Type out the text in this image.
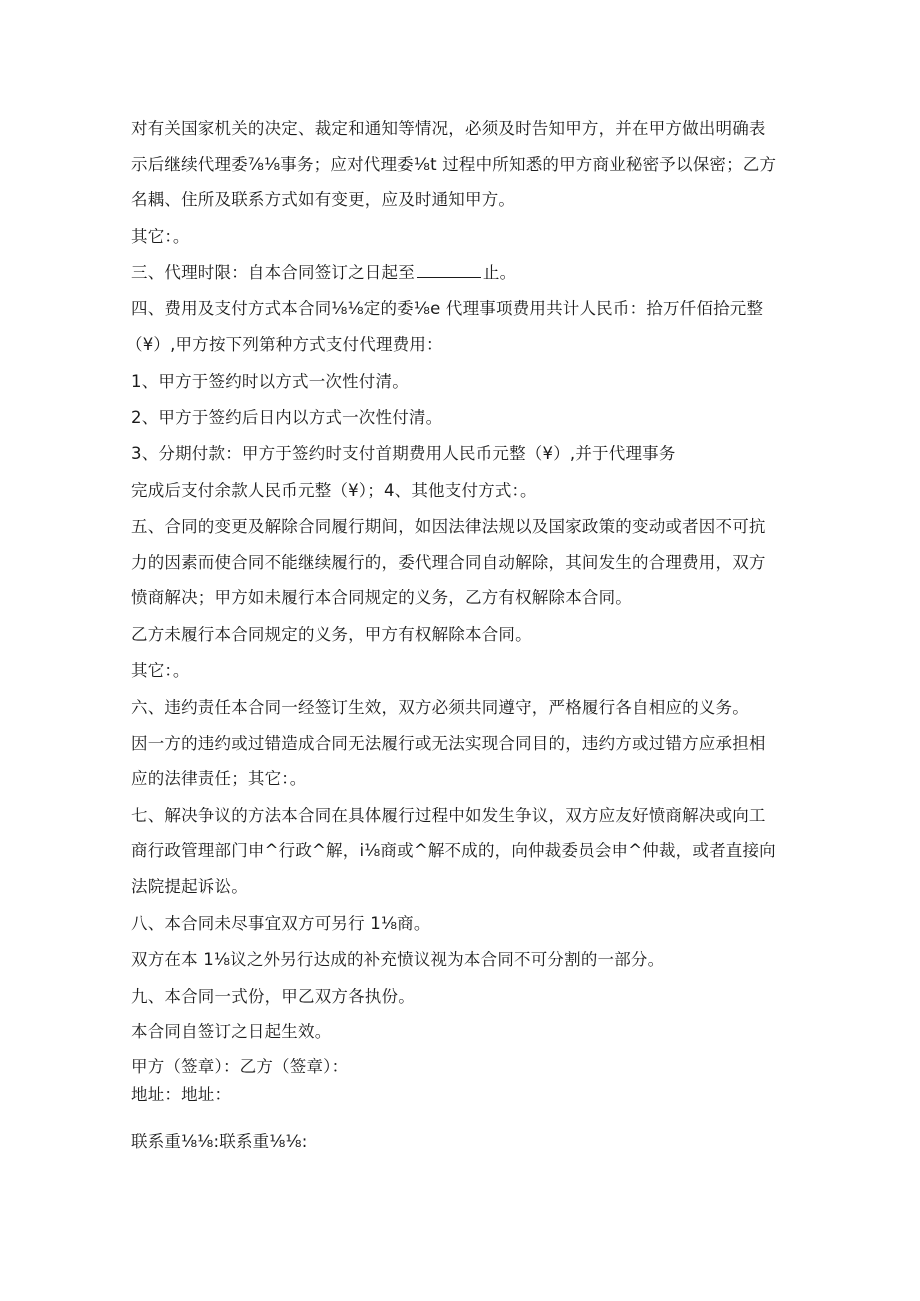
对有关国家机关的决定、裁定和通知等情况，必须及时告知甲方，并在甲方做出明确表
示后继续代理委⅞⅛事务；应对代理委⅛t 过程中所知悉的甲方商业秘密予以保密；乙方
名耦、住所及联系方式如有变更，应及时通知甲方。
其它：。
三、代理时限：自本合同签订之日起至	止。
四、费用及支付方式本合同⅛⅛定的委⅛e 代理事项费用共计人民币：拾万仟佰拾元整
（¥）,甲方按下列第种方式支付代理费用：
1、甲方于签约时以方式一次性付清。
2、甲方于签约后日内以方式一次性付清。
3、分期付款：甲方于签约时支付首期费用人民币元整（¥）,并于代理事务
完成后支付余款人民币元整（¥）；4、其他支付方式：。
五、合同的变更及解除合同履行期间，如因法律法规以及国家政策的变动或者因不可抗
力的因素而使合同不能继续履行的，委代理合同自动解除，其间发生的合理费用，双方
愤商解决；甲方如未履行本合同规定的义务，乙方有权解除本合同。
乙方未履行本合同规定的义务，甲方有权解除本合同。
其它：。
六、违约责任本合同一经签订生效，双方必须共同遵守，严格履行各自相应的义务。
因一方的违约或过错造成合同无法履行或无法实现合同目的，违约方或过错方应承担相
应的法律责任；其它：。
七、解决争议的方法本合同在具体履行过程中如发生争议，双方应友好愤商解决或向工
商行政管理部门申^行政^解，i⅛商或^解不成的，向仲裁委员会申^仲裁，或者直接向
法院提起诉讼。
八、本合同未尽事宜双方可另行 1⅛商。
双方在本 1⅛议之外另行达成的补充愤议视为本合同不可分割的一部分。
九、本合同一式份，甲乙双方各执份。
本合同自签订之日起生效。
甲方（签章）：乙方（签章）：
地址：地址：
联系重⅛⅛:联系重⅛⅛:
